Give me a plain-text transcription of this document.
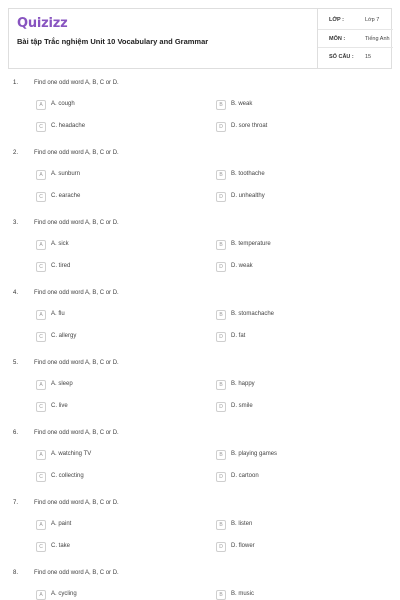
Quizizz
Bài tập Trắc nghiệm Unit 10 Vocabulary and Grammar
LỚP :	Lớp 7
MÔN :	Tiếng Anh
SỐ CÂU : 15
1.	Find one odd word A, B, C or D.
A	A. cough	B	B. weak
C	C. headache	D	D. sore throat
2.	Find one odd word A, B, C or D.
A	A. sunburn	B	B. toothache
C	C. earache	D	D. unhealthy
3.	Find one odd word A, B, C or D.
A	A. sick	B	B. temperature
C	C. tired	D	D. weak
4.	Find one odd word A, B, C or D.
A	A. flu	B	B. stomachache
C	C. allergy	D	D. fat
5.	Find one odd word A, B, C or D.
A	A. sleep	B	B. happy
C	C. live	D	D. smile
6.	Find one odd word A, B, C or D.
A	A. watching TV	B	B. playing games
C	C. collecting	D	D. cartoon
7.	Find one odd word A, B, C or D.
A	A. paint	B	B. listen
C	C. take	D	D. flower
8.	Find one odd word A, B, C or D.
A	A. cycling	B	B. music
